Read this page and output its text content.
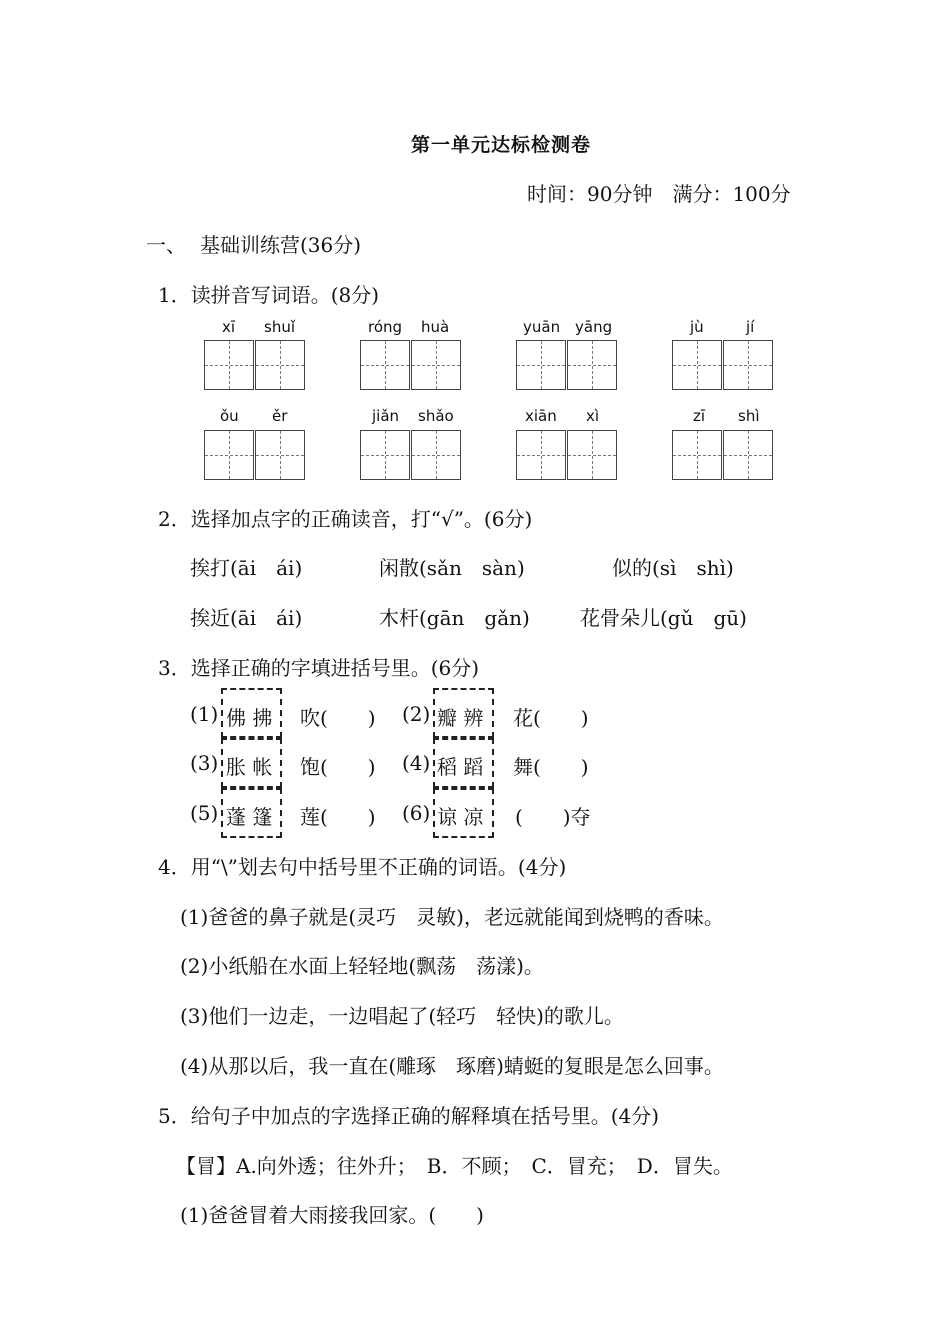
第一单元达标检测卷
时间：90分钟　满分：100分
一、 基础训练营(36分)
1．读拼音写词语。(8分)
xī shuǐ	róng huà	yuān yāng	jù	jí
ǒu ěr	jiǎn shǎo	xiān xì	zī shì
2．选择加点字的正确读音，打“√”。(6分)
挨打(āi　ái)	闲散(sǎn　sàn)	似的(sì　shì)
挨近(āi　ái)	木杆(gān　gǎn)	花骨朵儿(gǔ　gū)
3．选择正确的字填进括号里。(6分)
(1) 佛 拂 吹(　　) (2) 瓣 辨 花(　　)
(3) 胀 帐 饱(　　) (4) 稻 蹈 舞(　　)
(5) 蓬 篷 莲(　　) (6) 谅 凉 (　　)夺
4．用“\”划去句中括号里不正确的词语。(4分)
(1)爸爸的鼻子就是(灵巧　灵敏)，老远就能闻到烧鸭的香味。
(2)小纸船在水面上轻轻地(飘荡　荡漾)。
(3)他们一边走，一边唱起了(轻巧　轻快)的歌儿。
(4)从那以后，我一直在(雕琢　琢磨)蜻蜓的复眼是怎么回事。
5．给句子中加点的字选择正确的解释填在括号里。(4分)
【冒】A.向外透；往外升；　B．不顾；　C．冒充；　D．冒失。
(1)爸爸冒着大雨接我回家。(　　)
